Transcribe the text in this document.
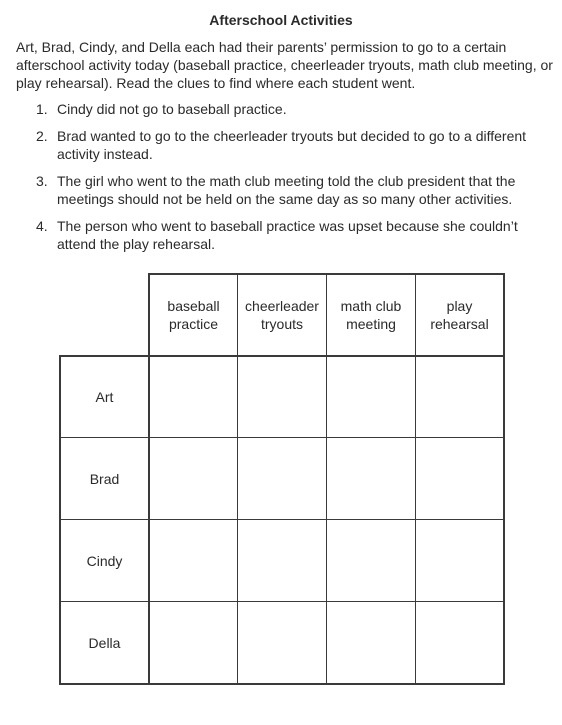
Afterschool Activities
Art, Brad, Cindy, and Della each had their parents’ permission to go to a certain afterschool activity today (baseball practice, cheerleader tryouts, math club meeting, or play rehearsal). Read the clues to find where each student went.
1. Cindy did not go to baseball practice.
2. Brad wanted to go to the cheerleader tryouts but decided to go to a different activity instead.
3. The girl who went to the math club meeting told the club president that the meetings should not be held on the same day as so many other activities.
4. The person who went to baseball practice was upset because she couldn’t attend the play rehearsal.
baseball
practice
cheerleader
tryouts
math club
meeting
play
rehearsal
Art
Brad
Cindy
Della
